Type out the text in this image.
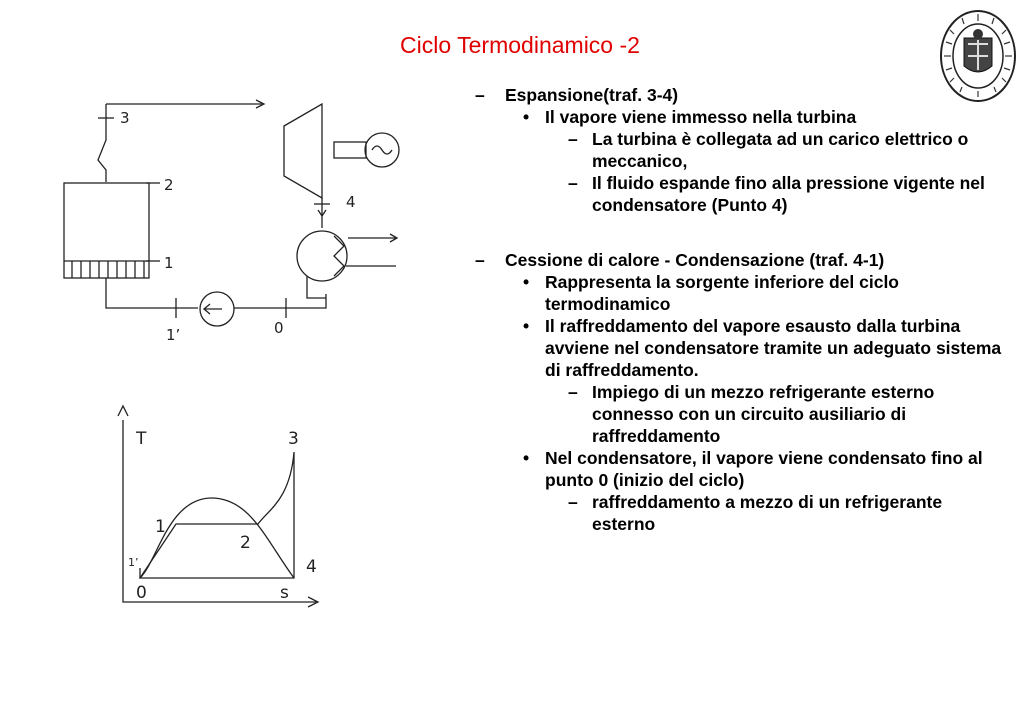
Ciclo Termodinamico -2
3
2
1
4
1’	0
T	3
1
2
1’	4
0	s
– Espansione(traf. 3-4)
• Il vapore viene immesso nella turbina
– La turbina è collegata ad un carico elettrico o meccanico,
– Il fluido espande fino alla pressione vigente nel condensatore (Punto 4)
– Cessione di calore - Condensazione (traf. 4-1)
• Rappresenta la sorgente inferiore del ciclo termodinamico
• Il raffreddamento del vapore esausto dalla turbina avviene nel condensatore tramite un adeguato sistema di raffreddamento.
– Impiego di un mezzo refrigerante esterno connesso con un circuito ausiliario di raffreddamento
• Nel condensatore, il vapore viene condensato fino al punto 0 (inizio del ciclo)
– raffreddamento a mezzo di un refrigerante esterno
